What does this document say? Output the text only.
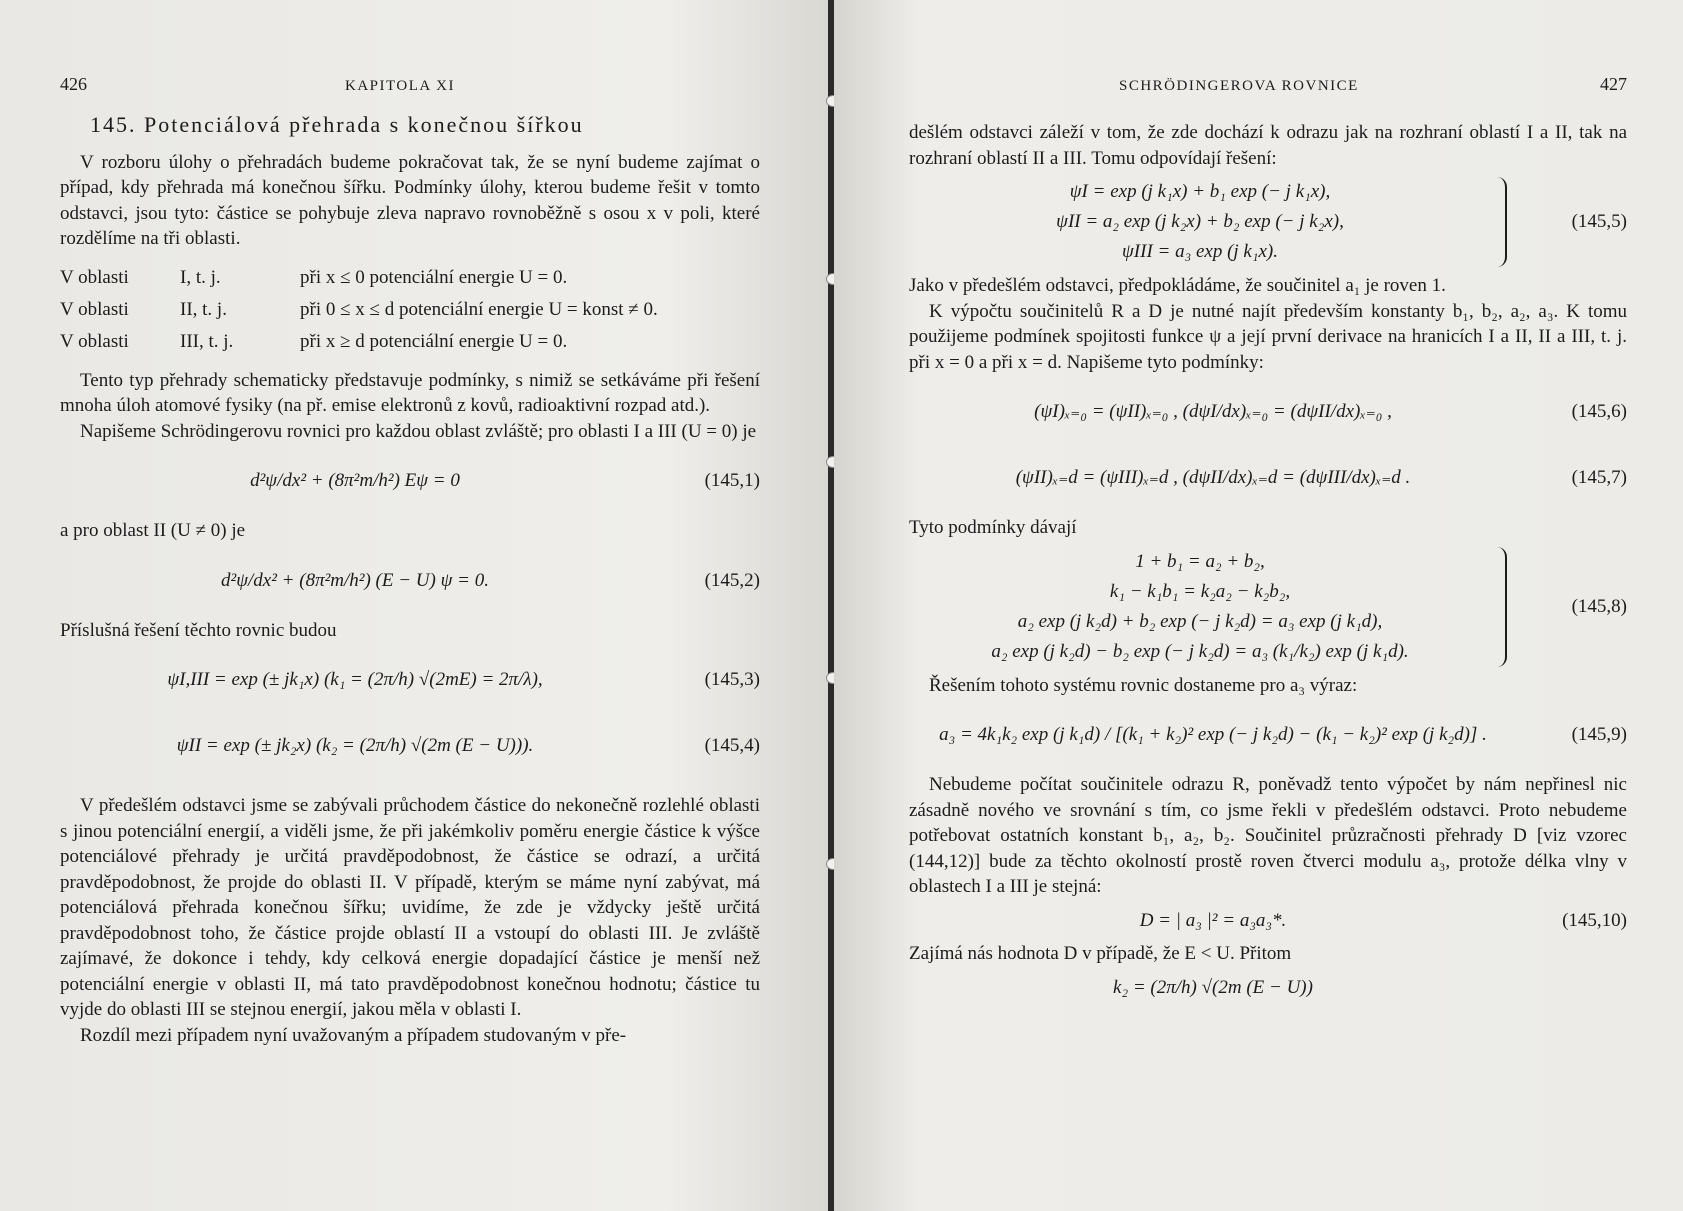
426	KAPITOLA XI
145. Potenciálová přehrada s konečnou šířkou

V rozboru úlohy o přehradách budeme pokračovat tak, že se nyní budeme zajímat o případ, kdy přehrada má konečnou šířku. Podmínky úlohy, kterou budeme řešit v tomto odstavci, jsou tyto: částice se pohybuje zleva napravo rovnoběžně s osou x v poli, které rozdělíme na tři oblasti.

V oblasti	I, t. j.	při x ≤ 0 potenciální energie U = 0.
V oblasti	II, t. j.	při 0 ≤ x ≤ d potenciální energie U = konst ≠ 0.
V oblasti	III, t. j.	při x ≥ d potenciální energie U = 0.

Tento typ přehrady schematicky představuje podmínky, s nimiž se setkáváme při řešení mnoha úloh atomové fysiky (na př. emise elektronů z kovů, radioaktivní rozpad atd.).

Napišeme Schrödingerovu rovnici pro každou oblast zvláště; pro oblasti I a III (U = 0) je

d²ψ/dx² + (8π²m/h²) Eψ = 0	(145,1)

a pro oblast II (U ≠ 0) je

d²ψ/dx² + (8π²m/h²) (E − U) ψ = 0.	(145,2)

Příslušná řešení těchto rovnic budou

ψI,III = exp (± jk₁x) (k₁ = (2π/h) √(2mE) = 2π/λ),	(145,3)
ψII = exp (± jk₂x) (k₂ = (2π/h) √(2m (E − U))).	(145,4)

V předešlém odstavci jsme se zabývali průchodem částice do nekonečně rozlehlé oblasti s jinou potenciální energií, a viděli jsme, že při jakémkoliv poměru energie částice k výšce potenciálové přehrady je určitá pravděpodobnost, že částice se odrazí, a určitá pravděpodobnost, že projde do oblasti II. V případě, kterým se máme nyní zabývat, má potenciálová přehrada konečnou šířku; uvidíme, že zde je vždycky ještě určitá pravděpodobnost toho, že částice projde oblastí II a vstoupí do oblasti III. Je zvláště zajímavé, že dokonce i tehdy, kdy celková energie dopadající částice je menší než potenciální energie v oblasti II, má tato pravděpodobnost konečnou hodnotu; částice tu vyjde do oblasti III se stejnou energií, jakou měla v oblasti I.

Rozdíl mezi případem nyní uvažovaným a případem studovaným v pře-

SCHRÖDINGEROVA ROVNICE	427

dešlém odstavci záleží v tom, že zde dochází k odrazu jak na rozhraní oblastí I a II, tak na rozhraní oblastí II a III. Tomu odpovídají řešení:

ψI = exp (j k₁x) + b₁ exp (− j k₁x),
ψII = a₂ exp (j k₂x) + b₂ exp (− j k₂x),
ψIII = a₃ exp (j k₁x).
(145,5)

Jako v předešlém odstavci, předpokládáme, že součinitel a₁ je roven 1.

K výpočtu součinitelů R a D je nutné najít především konstanty b₁, b₂, a₂, a₃. K tomu použijeme podmínek spojitosti funkce ψ a její první derivace na hranicích I a II, II a III, t. j. při x = 0 a při x = d. Napišeme tyto podmínky:

(ψI)ₓ₌₀ = (ψII)ₓ₌₀ , (dψI/dx)ₓ₌₀ = (dψII/dx)ₓ₌₀ ,	(145,6)
(ψII)ₓ₌d = (ψIII)ₓ₌d , (dψII/dx)ₓ₌d = (dψIII/dx)ₓ₌d .	(145,7)

Tyto podmínky dávají

1 + b₁ = a₂ + b₂,
k₁ − k₁b₁ = k₂a₂ − k₂b₂,
a₂ exp (j k₂d) + b₂ exp (− j k₂d) = a₃ exp (j k₁d),
a₂ exp (j k₂d) − b₂ exp (− j k₂d) = a₃ (k₁/k₂) exp (j k₁d).
(145,8)

Řešením tohoto systému rovnic dostaneme pro a₃ výraz:

a₃ = 4k₁k₂ exp (j k₁d) / [(k₁ + k₂)² exp (− j k₂d) − (k₁ − k₂)² exp (j k₂d)] .	(145,9)

Nebudeme počítat součinitele odrazu R, poněvadž tento výpočet by nám nepřinesl nic zásadně nového ve srovnání s tím, co jsme řekli v předešlém odstavci. Proto nebudeme potřebovat ostatních konstant b₁, a₂, b₂. Součinitel průzračnosti přehrady D [viz vzorec (144,12)] bude za těchto okolností prostě roven čtverci modulu a₃, protože délka vlny v oblastech I a III je stejná:

D = | a₃ |² = a₃a₃*.	(145,10)

Zajímá nás hodnota D v případě, že E < U. Přitom

k₂ = (2π/h) √(2m (E − U))
